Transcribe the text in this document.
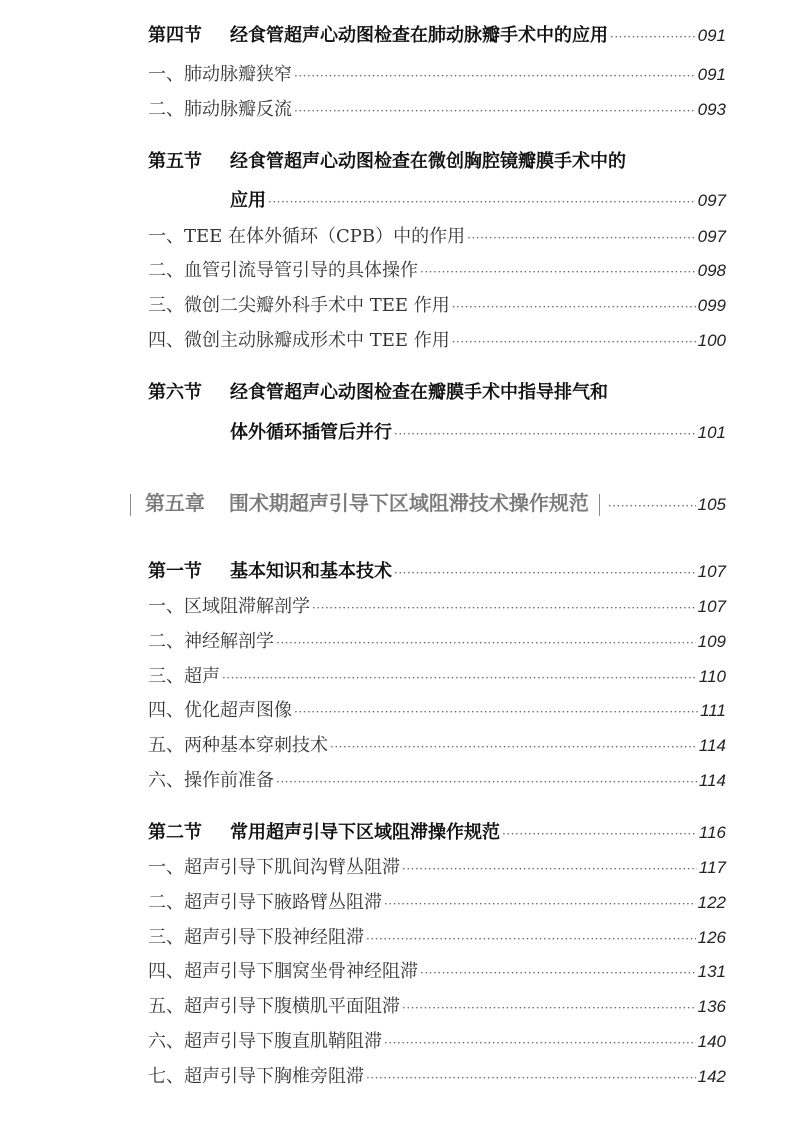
第四节 经食管超声心动图检查在肺动脉瓣手术中的应用 ·····	091
一、肺动脉瓣狭窄 ·····	091
二、肺动脉瓣反流 ·····	093
第五节 经食管超声心动图检查在微创胸腔镜瓣膜手术中的
应用 ·····	097
一、TEE 在体外循环（CPB）中的作用 ·····	097
二、血管引流导管引导的具体操作 ·····	098
三、微创二尖瓣外科手术中 TEE 作用 ·····	099
四、微创主动脉瓣成形术中 TEE 作用 ·····	100
第六节 经食管超声心动图检查在瓣膜手术中指导排气和
体外循环插管后并行 ·····	101
第五章 围术期超声引导下区域阻滞技术操作规范 ·····	105
第一节 基本知识和基本技术 ·····	107
一、区域阻滞解剖学 ·····	107
二、神经解剖学 ·····	109
三、超声 ·····	110
四、优化超声图像 ·····	111
五、两种基本穿刺技术 ·····	114
六、操作前准备 ·····	114
第二节 常用超声引导下区域阻滞操作规范 ·····	116
一、超声引导下肌间沟臂丛阻滞 ·····	117
二、超声引导下腋路臂丛阻滞 ·····	122
三、超声引导下股神经阻滞 ·····	126
四、超声引导下腘窝坐骨神经阻滞 ·····	131
五、超声引导下腹横肌平面阻滞 ·····	136
六、超声引导下腹直肌鞘阻滞 ·····	140
七、超声引导下胸椎旁阻滞 ·····	142
